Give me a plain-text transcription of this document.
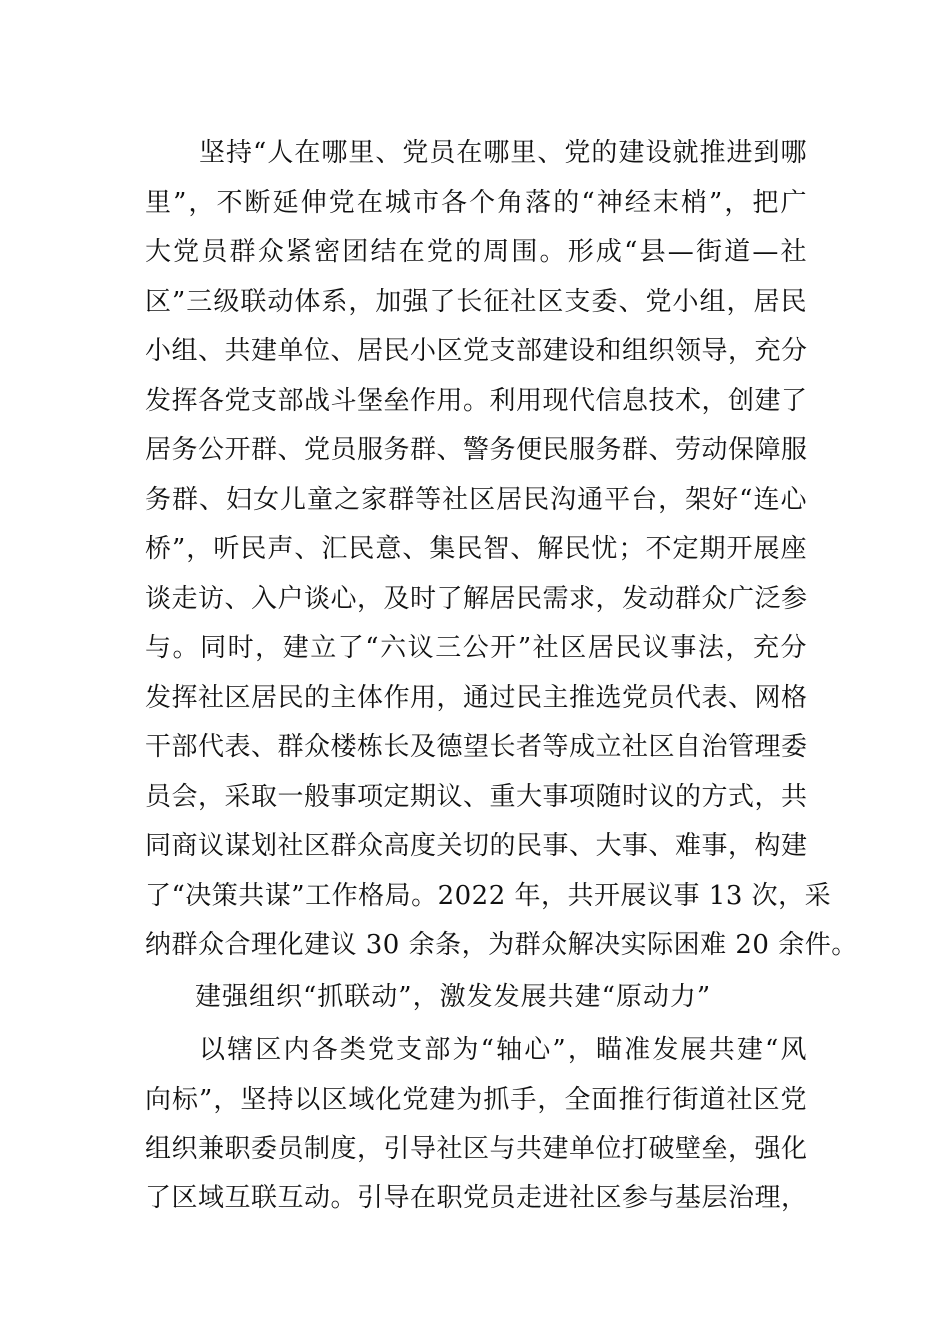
坚持“人在哪里、党员在哪里、党的建设就推进到哪
里”，不断延伸党在城市各个角落的“神经末梢”，把广
大党员群众紧密团结在党的周围。形成“县—街道—社
区”三级联动体系，加强了长征社区支委、党小组，居民
小组、共建单位、居民小区党支部建设和组织领导，充分
发挥各党支部战斗堡垒作用。利用现代信息技术，创建了
居务公开群、党员服务群、警务便民服务群、劳动保障服
务群、妇女儿童之家群等社区居民沟通平台，架好“连心
桥”，听民声、汇民意、集民智、解民忧；不定期开展座
谈走访、入户谈心，及时了解居民需求，发动群众广泛参
与。同时，建立了“六议三公开”社区居民议事法，充分
发挥社区居民的主体作用，通过民主推选党员代表、网格
干部代表、群众楼栋长及德望长者等成立社区自治管理委
员会，采取一般事项定期议、重大事项随时议的方式，共
同商议谋划社区群众高度关切的民事、大事、难事，构建
了“决策共谋”工作格局。2022 年，共开展议事 13 次，采
纳群众合理化建议 30 余条，为群众解决实际困难 20 余件。
建强组织“抓联动”，激发发展共建“原动力”
以辖区内各类党支部为“轴心”，瞄准发展共建“风
向标”，坚持以区域化党建为抓手，全面推行街道社区党
组织兼职委员制度，引导社区与共建单位打破壁垒，强化
了区域互联互动。引导在职党员走进社区参与基层治理，
